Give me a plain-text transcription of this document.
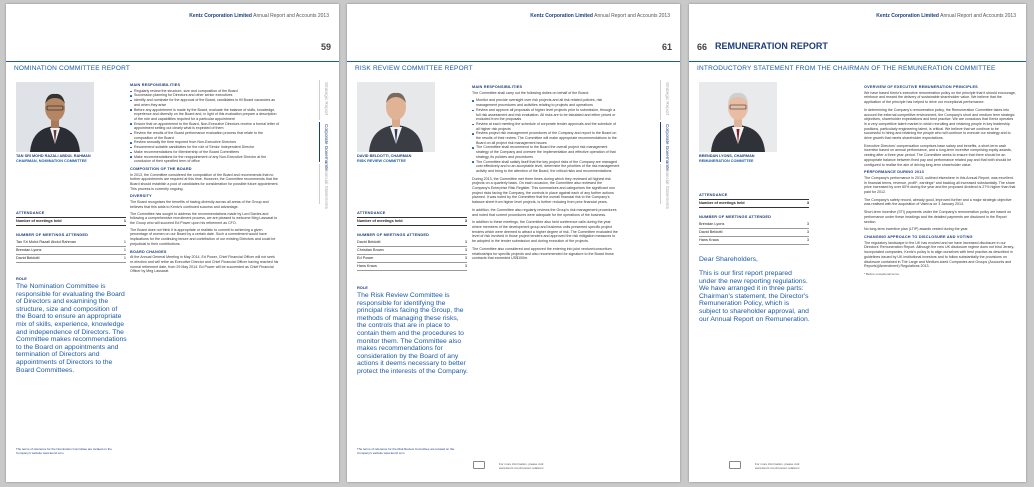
Kentz Corporation Limited Annual Report and Accounts 2013
59
NOMINATION COMMITTEE REPORT
TAN SRI MOHD RAZALI ABDUL RAHMAN
CHAIRMAN, NOMINATION COMMITTEE
ATTENDANCE
Number of meetings held	1
NUMBER OF MEETINGS ATTENDED
Tan Sri Mohd Razali Abdul Rahman	1
Brendan Lyons	1
David Beldotti	1
ROLE
The Nomination Committee is responsible for evaluating the Board of Directors and examining the structure, size and composition of the Board to ensure an appropriate mix of skills, experience, knowledge and independence of Directors. The Committee makes recommendations to the Board on appointments and termination of Directors and appointments of Directors to the Board Committees.
The terms of reference for the Nomination Committee are located on the Company's website www.kentz.com
MAIN RESPONSIBILITIES
Regularly review the structure, size and composition of the Board
Succession planning for Directors and other senior executives
Identify and nominate for the approval of the Board, candidates to fill Board vacancies as and when they arise
Before any appointment is made by the Board, evaluate the balance of skills, knowledge, experience and diversity on the Board and, in light of this evaluation prepare a description of the role and capabilities required for a particular appointment
Ensure that on appointment to the Board, Non-Executive Directors receive a formal letter of appointment setting out clearly what is expected of them
Review the results of the Board performance evaluation process that relate to the composition of the Board
Review annually the time required from Non-Executive Directors
Recommend suitable candidates for the role of Senior Independent Director
Make recommendations for Membership of the Board Committees
Make recommendations for the reappointment of any Non-Executive Director at the conclusion of their specified term of office
COMPOSITION OF THE BOARD

In 2013, the Committee considered the composition of the Board and recommends that no further appointments are required at this time. However, the Committee recommends that the Board should establish a pool of candidates for consideration for possible future appointment. This process is currently ongoing.

DIVERSITY

The Board recognises the benefits of having diversity across all areas of the Group and believes that this adds to Kentz's continued success and advantage.

The Committee has sought to address the recommendations made by Lord Davies and following a comprehensive recruitment process, we are pleased to welcome Meg Lassarat to the Group who will succeed Ed Power upon his retirement as CFO.

The Board does not think it is appropriate or realistic to commit to achieving a given percentage of women on our Board by a certain date. Such a commitment would have implications for the continuing tenure and contribution of our existing Directors and could be prejudicial to their contributions.

BOARD CHANGES

At the Annual General Meeting in May 2014, Ed Power, Chief Financial Officer will not seek re-election and will retire as Executive Director and Chief Financial Officer having reached his normal retirement date, from 29 May 2014. Ed Power will be succeeded as Chief Financial Officer by Meg Lassarat.

Strategic Report
Corporate Governance
Financial Statements
Kentz Corporation Limited Annual Report and Accounts 2013
61
RISK REVIEW COMMITTEE REPORT
DAVID BELDOTTI, CHAIRMAN
RISK REVIEW COMMITTEE
ATTENDANCE
Number of meetings held	3
NUMBER OF MEETINGS ATTENDED
David Beldotti	3
Christian Brown	3
Ed Power	3
Hans Kraus	3
ROLE
The Risk Review Committee is responsible for identifying the principal risks facing the Group, the methods of managing these risks, the controls that are in place to contain them and the procedures to monitor them. The Committee also makes recommendations for consideration by the Board of any actions it deems necessary to better protect the interests of the Company.
The terms of reference for the Risk Review Committee are located on the Company's website www.kentz.com
For more information, please visit www.kentz.com/investor-relations
MAIN RESPONSIBILITIES

The Committee shall carry out the following duties on behalf of the Board:

Monitor and provide oversight over risk projects and all risk related policies, risk management procedures and activities relating to projects and operations
Review and approve all proposals of higher level projects prior to submission, through a full risk assessment and risk evaluation. All risks are to be tabulated and either priced or excluded from the proposals
Review at each meeting the schedule of corporate tender approvals and the schedule of all higher risk projects
Review project risk management procedures of the Company and report to the Board on the results of their review. The Committee will make appropriate recommendations to the Board on all project risk management issues
The Committee shall recommend to the Board the overall project risk management strategy of the Company and oversee the implementation and effective operation of that strategy, its policies and procedures
The Committee shall satisfy itself that the key project risks of the Company are managed cost effectively and to an acceptable level, determine the priorities of the risk management activity and bring to the attention of the Board, the critical risks and recommendations

During 2013, the Committee met three times during which they reviewed all highest risk projects on a quarterly basis. On each occasion, the Committee also reviewed the Company's Enterprise Risk Register. This summarises and categorises the significant non project risks facing the Company, the controls in place against each of any further actions planned. It was noted by the Committee that the overall financial risk to the Company's balance sheet from higher level projects, is further reducing from prior financial years.

In addition, the Committee also regularly reviews the Group's risk management procedures and noted that current procedures were adequate for the operations of the business.

In addition to these meetings, the Committee also held conference calls during the year where members of the development group and business units presented specific project tenders which were deemed to attract a higher degree of risk. The Committee evaluated the level of risk involved in those project tenders and approved the risk mitigation measures to be adopted in the tender submission and during execution of the projects.

The Committee also considered and approved the entering into joint venture/consortium relationships for specific projects and also recommended for signature to the Board those contracts that exceeded US$100m.

Strategic Report
Corporate Governance
Financial Statements
Kentz Corporation Limited Annual Report and Accounts 2013
66 REMUNERATION REPORT
INTRODUCTORY STATEMENT FROM THE CHAIRMAN OF THE REMUNERATION COMMITTEE
BRENDAN LYONS, CHAIRMAN
REMUNERATION COMMITTEE
ATTENDANCE
Number of meetings held	3
NUMBER OF MEETINGS ATTENDED
Brendan Lyons	3
David Beldotti	3
Hans Kraus	3
Dear Shareholders,
This is our first report prepared under the new reporting regulations. We have arranged it in three parts: Chairman's statement, the Director's Remuneration Policy, which is subject to shareholder approval, and our Annual Report on Remuneration.
For more information, please visit www.kentz.com/investor-relations
OVERVIEW OF EXECUTIVE REMUNERATION PRINCIPLES

We have based Kentz's executive remuneration policy on the principle that it should encourage, reinforce and reward the delivery of sustainable shareholder value. We believe that the application of the principle has helped to drive our exceptional performance.

In determining the Company's remuneration policy, the Remuneration Committee takes into account the external competitive environment, the Company's short and medium term strategic objectives, shareholder expectations and best practice. We are conscious that Kentz operates in a very competitive talent market in which recruiting and retaining people in key leadership positions, particularly engineering talent, is critical. We believe that we continue to be successful in hiring and retaining the people who will continue to execute our strategy and to drive growth that meets shareholder expectations.

Executive Directors' compensation comprises base salary and benefits, a short-term cash incentive based on annual performance, and a long-term incentive comprising equity awards, vesting after a three year period. The Committee seeks to ensure that there should be an appropriate balance between fixed pay and performance related pay and that both should be configured to realise the aim of driving long-term shareholder value.

PERFORMANCE DURING 2013

The Company's performance in 2013, outlined elsewhere in this Annual Report, was excellent. In financial terms, revenue, profit*, earnings* and backlog all increased substantially. The share price increased by over 60% during the year and the proposed dividend is 27% higher than that paid for 2012.

The Company's safety record, already good, improved further and a major strategic objective was realised with the acquisition of Valerus on 3 January 2014.

Short-term incentive (STI) payments under the Company's remuneration policy are based on performance under these headings and the detailed payments are disclosed in the Report section.

No long-term incentive plan (LTIP) awards vested during the year.

CHANGING APPROACH TO DISCLOSURE AND VOTING

The regulatory landscape in the UK has evolved and we have increased disclosure in our Directors' Remuneration Report. Although the new UK disclosure regime does not bind Jersey-incorporated companies, Kentz's policy is to align ourselves with best practice as described in guidelines issued by UK institutional investors and to follow substantially the provisions on disclosure contained in The Large and Medium-sized Companies and Groups (Accounts and Reports)(Amendment) Regulations 2013.

* Before exceptional items.
